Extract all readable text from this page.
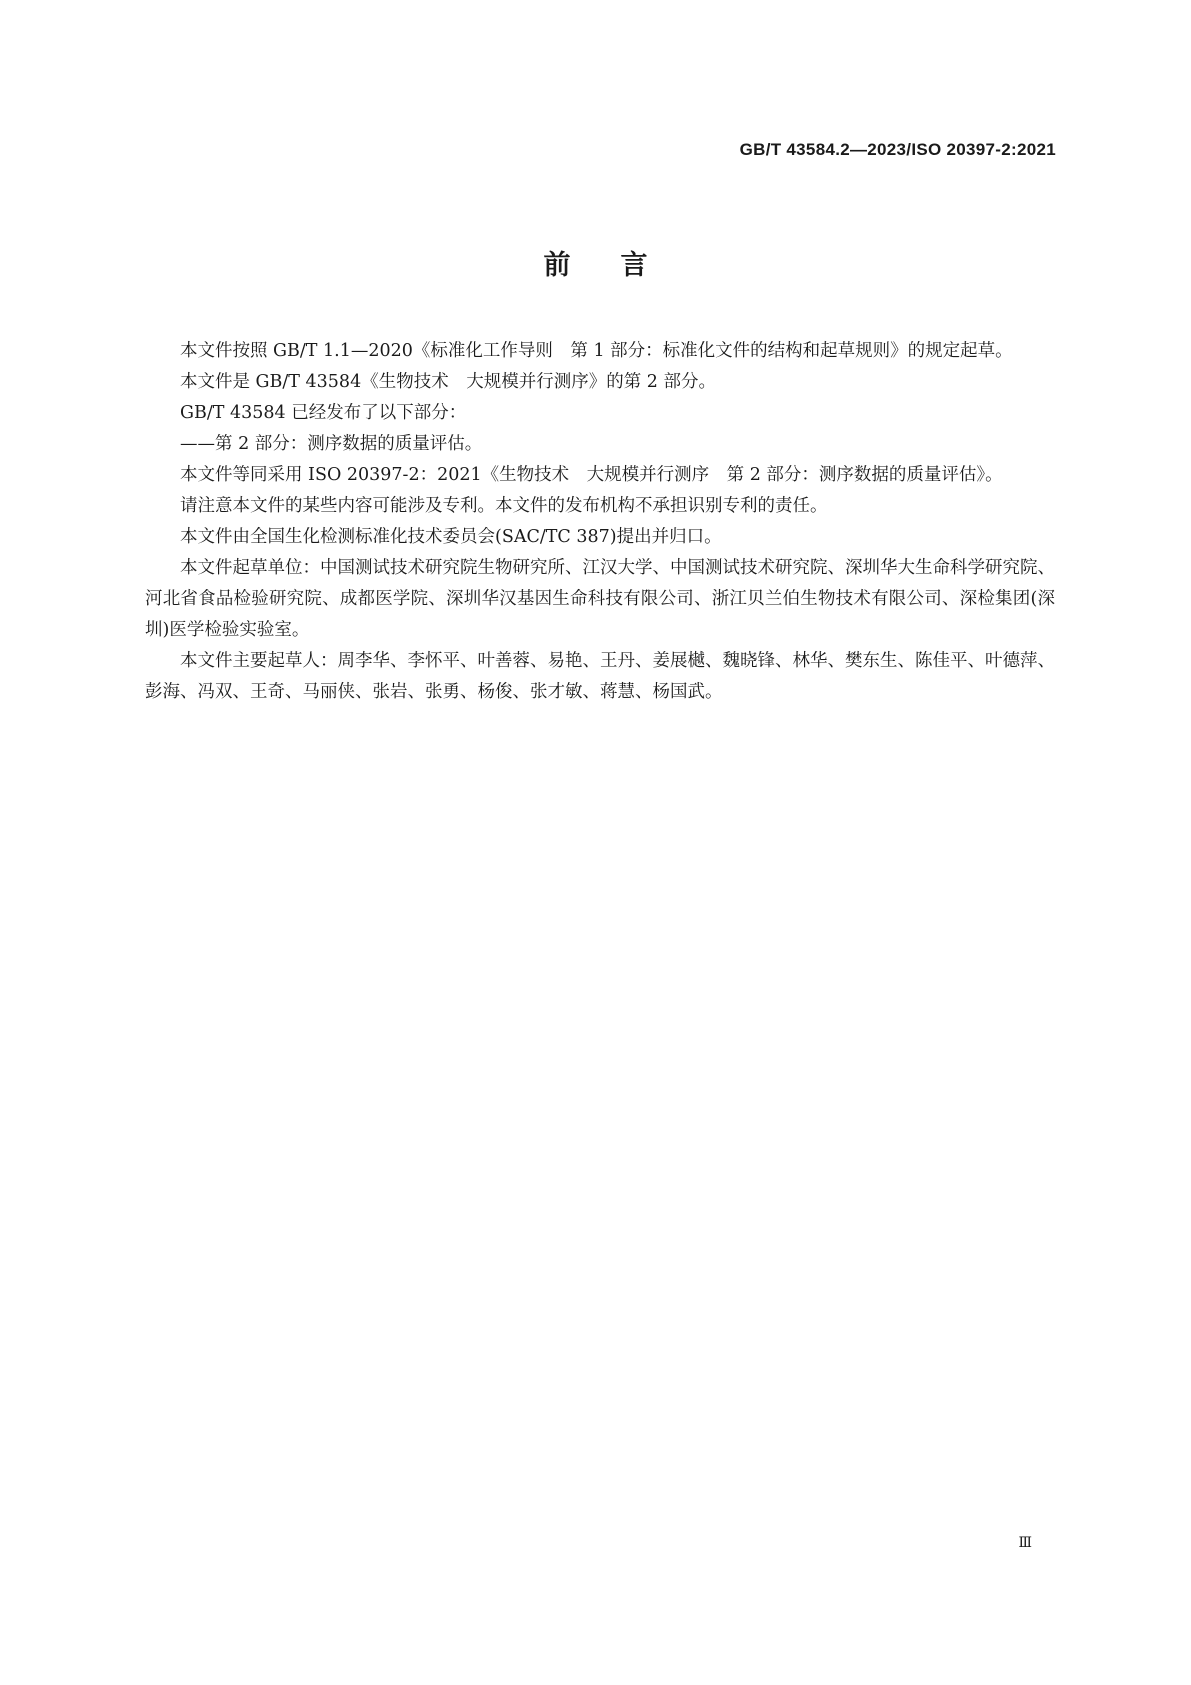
GB/T 43584.2—2023/ISO 20397-2:2021
前言

本文件按照 GB/T 1.1—2020《标准化工作导则　第 1 部分：标准化文件的结构和起草规则》的规定起草。

本文件是 GB/T 43584《生物技术　大规模并行测序》的第 2 部分。

GB/T 43584 已经发布了以下部分：

——第 2 部分：测序数据的质量评估。

本文件等同采用 ISO 20397-2：2021《生物技术　大规模并行测序　第 2 部分：测序数据的质量评估》。

请注意本文件的某些内容可能涉及专利。本文件的发布机构不承担识别专利的责任。

本文件由全国生化检测标准化技术委员会(SAC/TC 387)提出并归口。

本文件起草单位：中国测试技术研究院生物研究所、江汉大学、中国测试技术研究院、深圳华大生命科学研究院、河北省食品检验研究院、成都医学院、深圳华汉基因生命科技有限公司、浙江贝兰伯生物技术有限公司、深检集团(深圳)医学检验实验室。

本文件主要起草人：周李华、李怀平、叶善蓉、易艳、王丹、姜展樾、魏晓锋、林华、樊东生、陈佳平、叶德萍、彭海、冯双、王奇、马丽侠、张岩、张勇、杨俊、张才敏、蒋慧、杨国武。

Ⅲ
